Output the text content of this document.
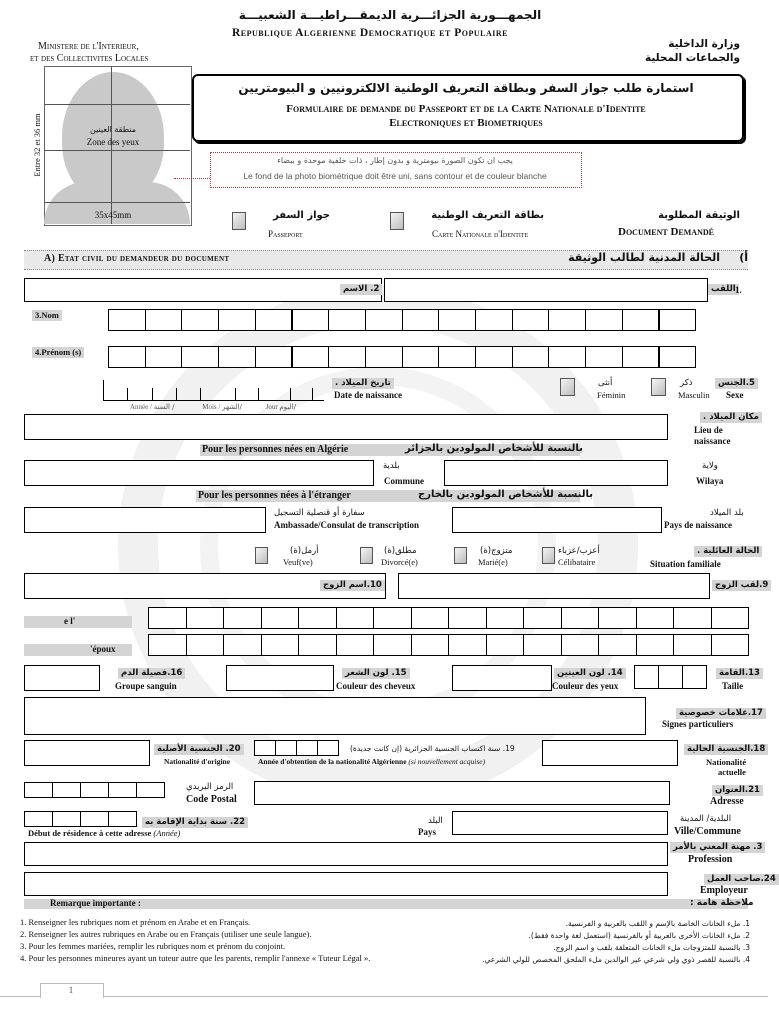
الجمهـــورية الجزائـــرية الديمقـــراطيـــة الشعبيـــة
Republique Algerienne Democratique et Populaire
Ministere de l'Interieur,
et des Collectivites Locales
وزارة الداخلية
والجماعات المحلية
منطقة العينين
Zone des yeux
35x45mm
Entre 32 et 36 mm
استمارة طلب جواز السفر وبطاقة التعريف الوطنية الالكترونيين و البيومتريين
Formulaire de demande du Passeport et de la Carte Nationale d'Identite
Electroniques et Biometriques
يجب ان تكون الصورة بيومترية و بدون إطار ، ذات خلفية موحدة و بيضاء
Le fond de la photo biométrique doit être uni, sans contour et de couleur blanche
جواز السفر
Passeport
بطاقة التعريف الوطنية
Carte Nationale d'Identite
الوثيقة المطلوبة
Document Demandé
A) Etat civil du demandeur du document	الحالة المدنية لطالب الوثيقة	أ)
2. الاسم	اللقب 1.
3.Nom
4.Prénom (s)
Année / السنة /	Mois / الشهر/	Jour اليوم/
تاريخ الميلاد .
Date de naissance
أنثى
Féminin
ذكر
Masculin
5.الجنس
Sexe
مكان الميلاد .
Lieu de
naissance
Pour les personnes nées en Algérie	بالنسبة للأشخاص المولودين بالجزائر
بلدية
Commune
ولاية
Wilaya
Pour les personnes nées à l'étranger	بالنسبة للأشخاص المولودين بالخارج
سفارة أو قنصلية التسجيل
Ambassade/Consulat de transcription
بلد الميلاد
Pays de naissance
أرمل(ة)
Veuf(ve)
مطلق(ة)
Divorcé(e)
متزوج(ة)
Marié(e)
أعزب/عزباء
Célibataire
الحالة العائلية .
Situation familiale
10.اسم الزوج	9.لقب الزوج
e l'
'époux
16.فصيلة الدم
Groupe sanguin
15. لون الشعر
Couleur des cheveux
14. لون العينين
Couleur des yeux
13.القامة
Taille
17.علامات خصوصية
Signes particuliers
20. الجنسية الأصلية
Nationalité d'origine
19. سنة اكتساب الجنسية الجزائرية (إن كانت جديدة)
Année d'obtention de la nationalité Algérienne (si nouvellement acquise)
18.الجنسية الحالية
Nationalité
actuelle
الرمز البريدي
Code Postal
21.العنوان
Adresse
22. سنة بداية الإقامة به
Début de résidence à cette adresse (Année)
البلد
Pays
البلدية/ المدينة
Ville/Commune
3. مهنة المعني بالأمر
Profession
24.صاحب العمل
Employeur
Remarque importante :	ملاحظة هامة :
1. Renseigner les rubriques nom et prénom en Arabe et en Français.
2. Renseigner les autres rubriques en Arabe ou en Français (utiliser une seule langue).
3. Pour les femmes mariées, remplir les rubriques nom et prénom du conjoint.
4. Pour les personnes mineures ayant un tuteur autre que les parents, remplir l'annexe « Tuteur Légal ».
1. ملء الخانات الخاصة بالإسم و اللقب بالعربية و الفرنسية.
2. ملء الخانات الأخرى بالعربية أو بالفرنسية (استعمل لغة واحدة فقط).
3. بالنسبة للمتزوجات ملء الخانات المتعلقة بلقب و اسم الزوج.
4. بالنسبة للقصر ذوي ولي شرعي غير الوالدين ملء الملحق المخصص للولي الشرعي.
1
